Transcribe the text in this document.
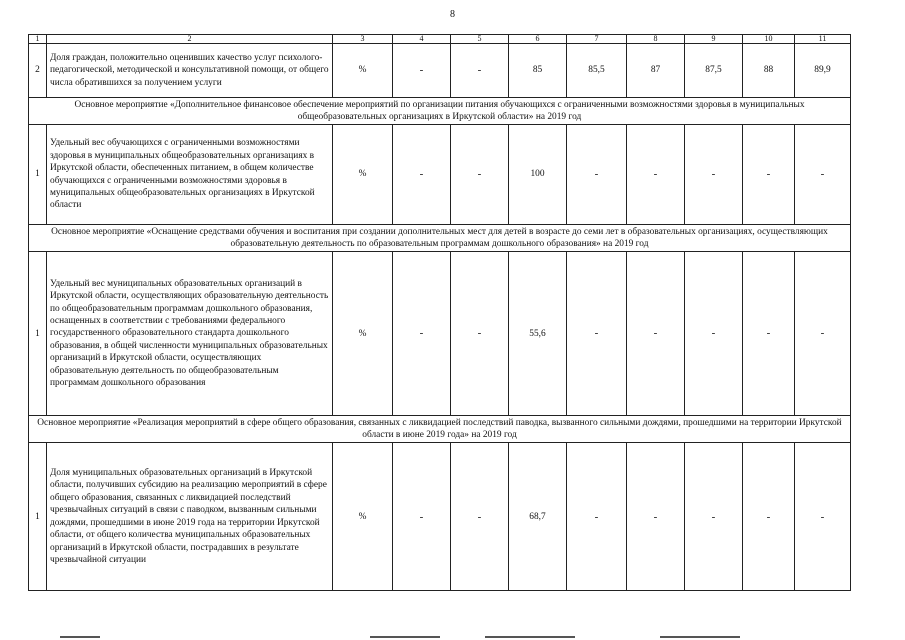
8
1	2	3	4	5	6	7	8	9	10	11
2	Доля граждан, положительно оценивших качество услуг психолого-педагогической, методической и консультативной помощи, от общего числа обратившихся за получением услуги	%	-	-	85	85,5	87	87,5	88	89,9
Основное мероприятие «Дополнительное финансовое обеспечение мероприятий по организации питания обучающихся с ограниченными возможностями здоровья в муниципальных общеобразовательных организациях в Иркутской области» на 2019 год										
1	Удельный вес обучающихся с ограниченными возможностями здоровья в муниципальных общеобразовательных организациях в Иркутской области, обеспеченных питанием, в общем количестве обучающихся с ограниченными возможностями здоровья в муниципальных общеобразовательных организациях в Иркутской области	%	-	-	100	-	-	-	-	-
Основное мероприятие «Оснащение средствами обучения и воспитания при создании дополнительных мест для детей в возрасте до семи лет в образовательных организациях, осуществляющих образовательную деятельность по образовательным программам дошкольного образования» на 2019 год										
1	Удельный вес муниципальных образовательных организаций в Иркутской области, осуществляющих образовательную деятельность по общеобразовательным программам дошкольного образования, оснащенных в соответствии с требованиями федерального государственного образовательного стандарта дошкольного образования, в общей численности муниципальных образовательных организаций в Иркутской области, осуществляющих образовательную деятельность по общеобразовательным программам дошкольного образования	%	-	-	55,6	-	-	-	-	-
Основное мероприятие «Реализация мероприятий в сфере общего образования, связанных с ликвидацией последствий паводка, вызванного сильными дождями, прошедшими на территории Иркутской области в июне 2019 года» на 2019 год										
1	Доля муниципальных образовательных организаций в Иркутской области, получивших субсидию на реализацию мероприятий в сфере общего образования, связанных с ликвидацией последствий чрезвычайных ситуаций в связи с паводком, вызванным сильными дождями, прошедшими в июне 2019 года на территории Иркутской области, от общего количества муниципальных образовательных организаций в Иркутской области, пострадавших в результате чрезвычайной ситуации	%	-	-	68,7	-	-	-	-	-
